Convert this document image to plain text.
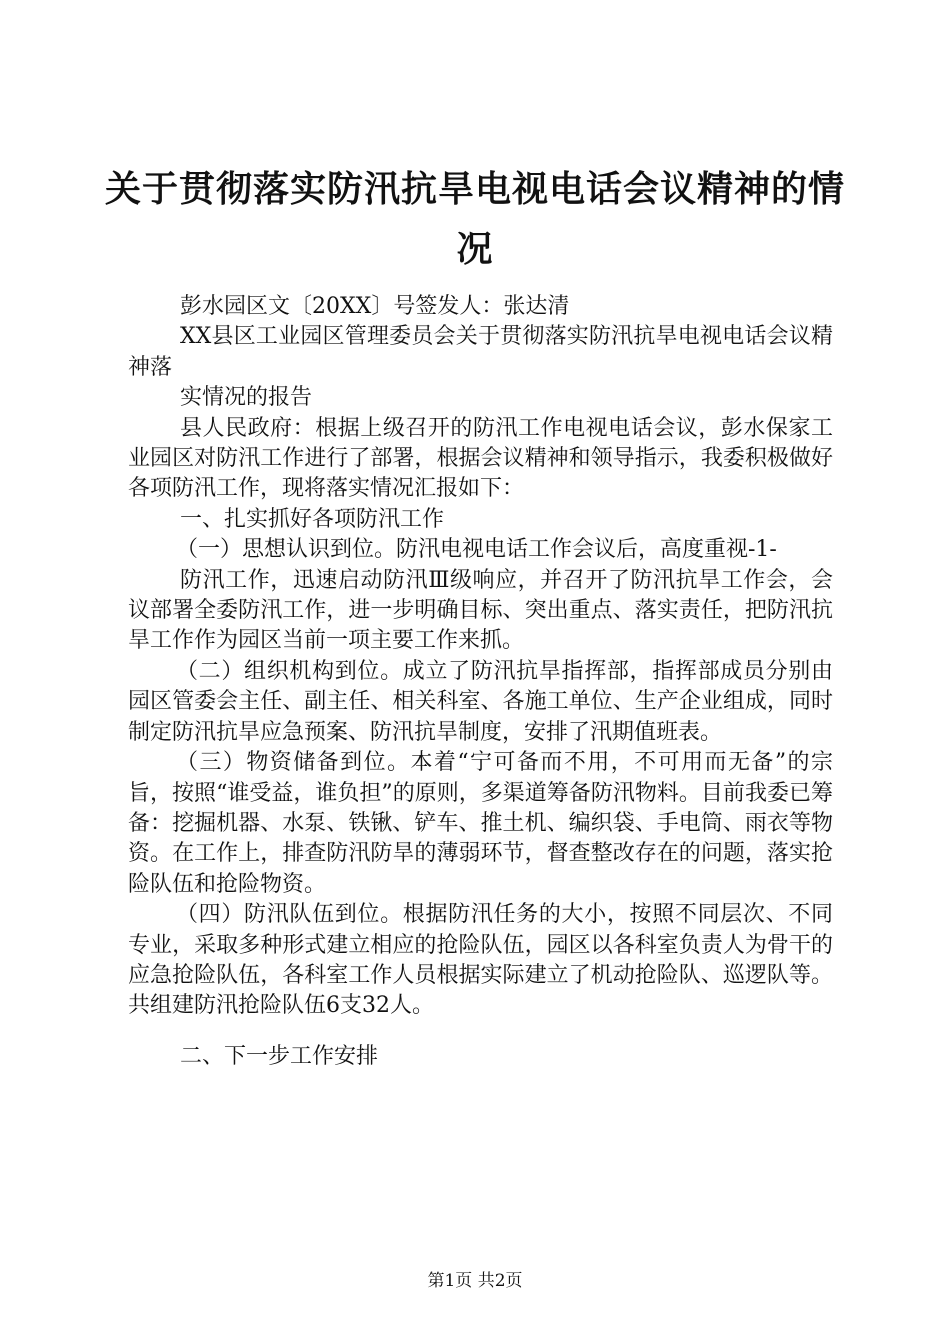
关于贯彻落实防汛抗旱电视电话会议精神的情况

彭水园区文〔20XX〕号签发人：张达清

XX县区工业园区管理委员会关于贯彻落实防汛抗旱电视电话会议精神落

实情况的报告

县人民政府：根据上级召开的防汛工作电视电话会议，彭水保家工业园区对防汛工作进行了部署，根据会议精神和领导指示，我委积极做好各项防汛工作，现将落实情况汇报如下：

一、扎实抓好各项防汛工作

（一）思想认识到位。防汛电视电话工作会议后，高度重视-1-

防汛工作，迅速启动防汛Ⅲ级响应，并召开了防汛抗旱工作会，会议部署全委防汛工作，进一步明确目标、突出重点、落实责任，把防汛抗旱工作作为园区当前一项主要工作来抓。

（二）组织机构到位。成立了防汛抗旱指挥部，指挥部成员分别由园区管委会主任、副主任、相关科室、各施工单位、生产企业组成，同时制定防汛抗旱应急预案、防汛抗旱制度，安排了汛期值班表。

（三）物资储备到位。本着“宁可备而不用，不可用而无备”的宗旨，按照“谁受益，谁负担”的原则，多渠道筹备防汛物料。目前我委已筹备：挖掘机器、水泵、铁锹、铲车、推土机、编织袋、手电筒、雨衣等物资。在工作上，排查防汛防旱的薄弱环节，督查整改存在的问题，落实抢险队伍和抢险物资。

（四）防汛队伍到位。根据防汛任务的大小，按照不同层次、不同专业，采取多种形式建立相应的抢险队伍，园区以各科室负责人为骨干的应急抢险队伍，各科室工作人员根据实际建立了机动抢险队、巡逻队等。共组建防汛抢险队伍6支32人。

二、下一步工作安排

第1页 共2页
